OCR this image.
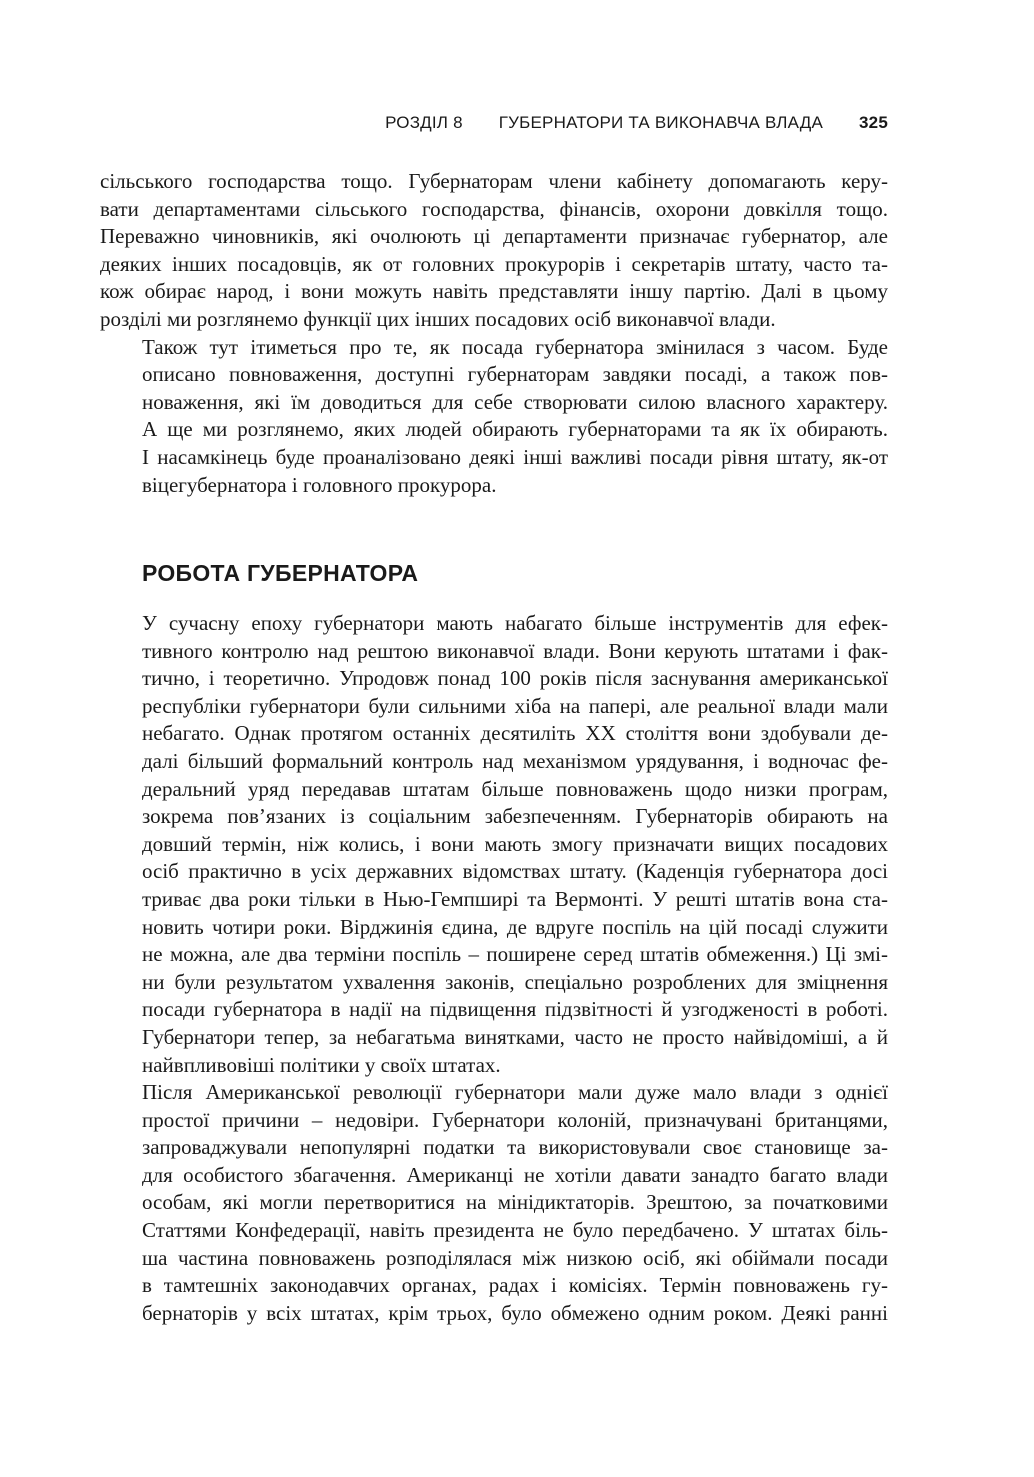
РОЗДІЛ 8 ГУБЕРНАТОРИ ТА ВИКОНАВЧА ВЛАДА 325

сільського господарства тощо. Губернаторам члени кабінету допомагають керу-
вати департаментами сільського господарства, фінансів, охорони довкілля тощо.
Переважно чиновників, які очолюють ці департаменти призначає губернатор, але
деяких інших посадовців, як от головних прокурорів і секретарів штату, часто та-
кож обирає народ, і вони можуть навіть представляти іншу партію. Далі в цьому
розділі ми розглянемо функції цих інших посадових осіб виконавчої влади.

Також тут ітиметься про те, як посада губернатора змінилася з часом. Буде
описано повноваження, доступні губернаторам завдяки посаді, а також пов-
новаження, які їм доводиться для себе створювати силою власного характеру.
А ще ми розглянемо, яких людей обирають губернаторами та як їх обирають.
І насамкінець буде проаналізовано деякі інші важливі посади рівня штату, як-от
віцегубернатора і головного прокурора.

РОБОТА ГУБЕРНАТОРА

У сучасну епоху губернатори мають набагато більше інструментів для ефек-
тивного контролю над рештою виконавчої влади. Вони керують штатами і фак-
тично, і теоретично. Упродовж понад 100 років після заснування американської
республіки губернатори були сильними хіба на папері, але реальної влади мали
небагато. Однак протягом останніх десятиліть XX століття вони здобували де-
далі більший формальний контроль над механізмом урядування, і водночас фе-
деральний уряд передавав штатам більше повноважень щодо низки програм,
зокрема пов’язаних із соціальним забезпеченням. Губернаторів обирають на
довший термін, ніж колись, і вони мають змогу призначати вищих посадових
осіб практично в усіх державних відомствах штату. (Каденція губернатора досі
триває два роки тільки в Нью-Гемпширі та Вермонті. У решті штатів вона ста-
новить чотири роки. Вірджинія єдина, де вдруге поспіль на цій посаді служити
не можна, але два терміни поспіль – поширене серед штатів обмеження.) Ці змі-
ни були результатом ухвалення законів, спеціально розроблених для зміцнення
посади губернатора в надії на підвищення підзвітності й узгодженості в роботі.
Губернатори тепер, за небагатьма винятками, часто не просто найвідоміші, а й
найвпливовіші політики у своїх штатах.

Після Американської революції губернатори мали дуже мало влади з однієї
простої причини – недовіри. Губернатори колоній, призначувані британцями,
запроваджували непопулярні податки та використовували своє становище за-
для особистого збагачення. Американці не хотіли давати занадто багато влади
особам, які могли перетворитися на мінідиктаторів. Зрештою, за початковими
Статтями Конфедерації, навіть президента не було передбачено. У штатах біль-
ша частина повноважень розподілялася між низкою осіб, які обіймали посади
в тамтешніх законодавчих органах, радах і комісіях. Термін повноважень гу-
бернаторів у всіх штатах, крім трьох, було обмежено одним роком. Деякі ранні
